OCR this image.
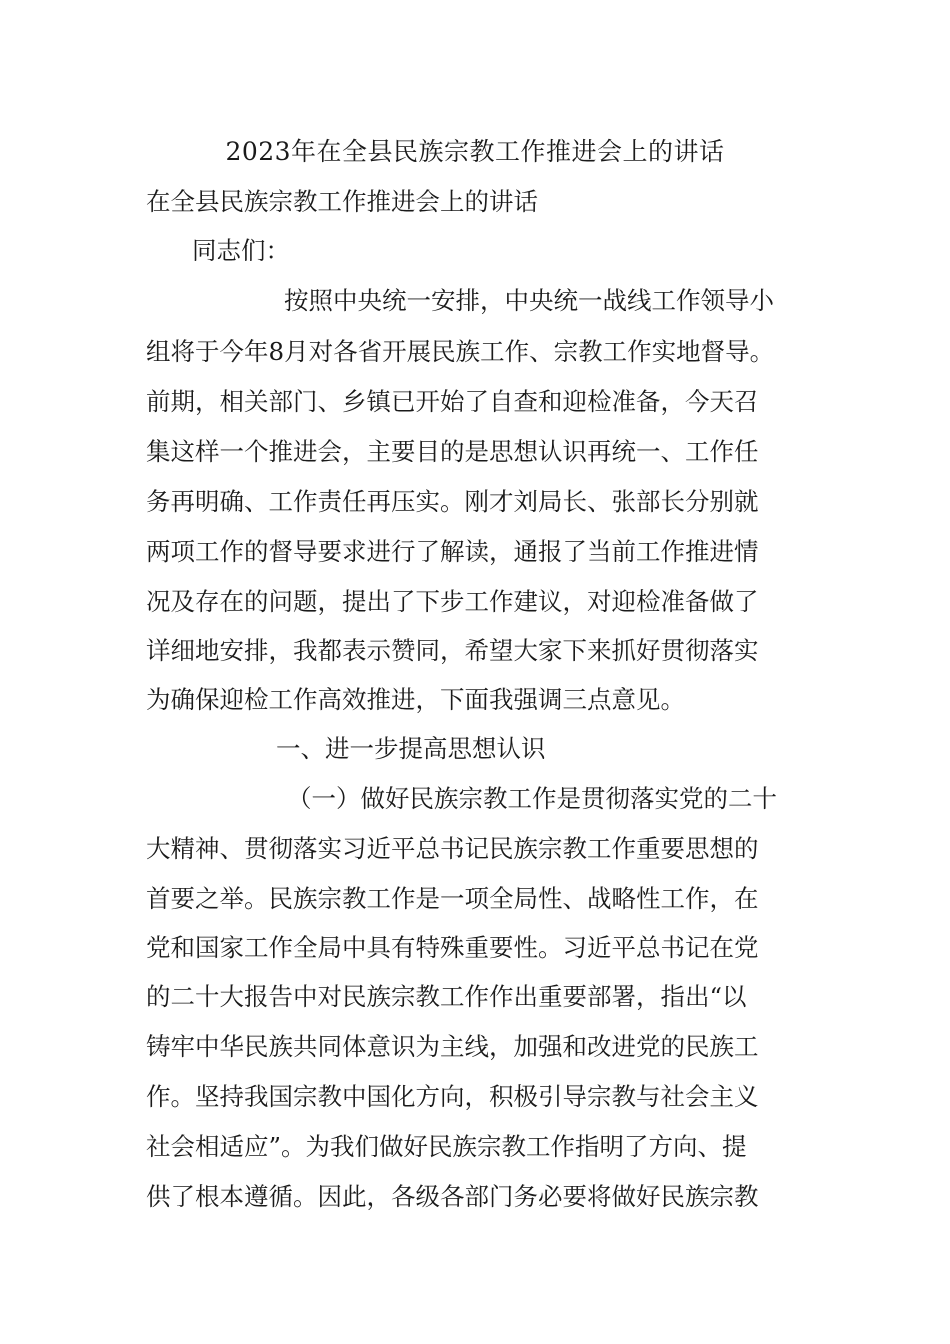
2023年在全县民族宗教工作推进会上的讲话
在全县民族宗教工作推进会上的讲话
同志们：
按照中央统一安排，中央统一战线工作领导小
组将于今年8月对各省开展民族工作、宗教工作实地督导。
前期，相关部门、乡镇已开始了自查和迎检准备，今天召
集这样一个推进会，主要目的是思想认识再统一、工作任
务再明确、工作责任再压实。刚才刘局长、张部长分别就
两项工作的督导要求进行了解读，通报了当前工作推进情
况及存在的问题，提出了下步工作建议，对迎检准备做了
详细地安排，我都表示赞同，希望大家下来抓好贯彻落实
为确保迎检工作高效推进，下面我强调三点意见。
一、进一步提高思想认识
（一）做好民族宗教工作是贯彻落实党的二十
大精神、贯彻落实习近平总书记民族宗教工作重要思想的
首要之举。民族宗教工作是一项全局性、战略性工作，在
党和国家工作全局中具有特殊重要性。习近平总书记在党
的二十大报告中对民族宗教工作作出重要部署，指出“以
铸牢中华民族共同体意识为主线，加强和改进党的民族工
作。坚持我国宗教中国化方向，积极引导宗教与社会主义
社会相适应”。为我们做好民族宗教工作指明了方向、提
供了根本遵循。因此，各级各部门务必要将做好民族宗教
